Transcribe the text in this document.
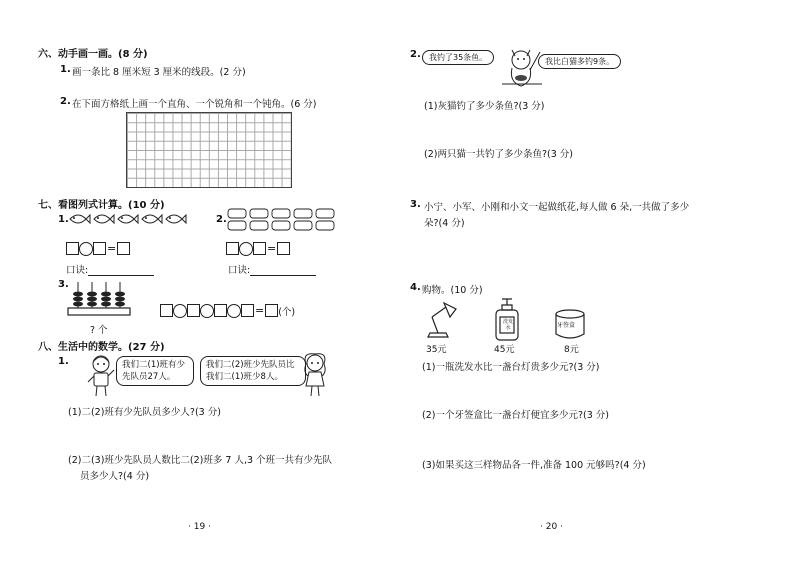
六、动手画一画。(8 分)
1. 画一条比 8 厘米短 3 厘米的线段。(2 分)
2. 在下面方格纸上画一个直角、一个锐角和一个钝角。(6 分)
七、看图列式计算。(10 分)
1.
=
口诀:
2.
=
口诀:
3.
? 个
= (个)
八、生活中的数学。(27 分)
1.	我们二(1)班有少先队员27人。
我们二(2)班少先队员比我们二(1)班少8人。
(1)二(2)班有少先队员多少人?(3 分)
(2)二(3)班少先队员人数比二(2)班多 7 人,3 个班一共有少先队
员多少人?(4 分)
· 19 ·
2.	我钓了35条鱼。	我比白猫多钓9条。
(1)灰猫钓了多少条鱼?(3 分)
(2)两只猫一共钓了多少条鱼?(3 分)
3. 小宁、小军、小刚和小文一起做纸花,每人做 6 朵,一共做了多少
朵?(4 分)
4. 购物。(10 分)
35元
洗发水
45元
牙签盒
8元
(1)一瓶洗发水比一盏台灯贵多少元?(3 分)
(2)一个牙签盒比一盏台灯便宜多少元?(3 分)
(3)如果买这三样物品各一件,准备 100 元够吗?(4 分)
· 20 ·
